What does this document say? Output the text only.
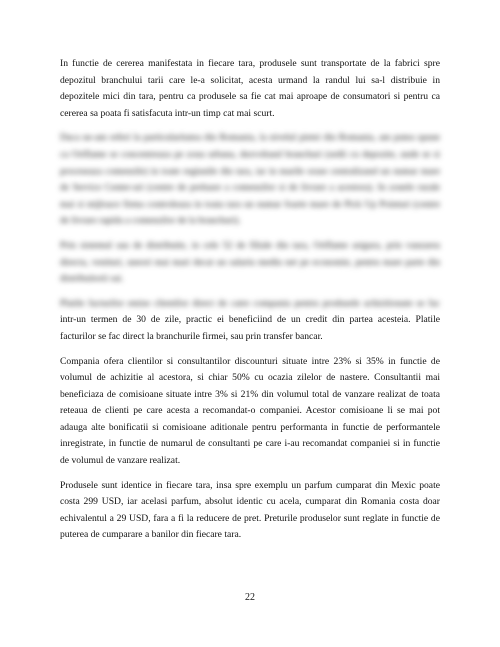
In functie de cererea manifestata in fiecare tara, produsele sunt transportate de la fabrici spre depozitul branchului tarii care le-a solicitat, acesta urmand la randul lui sa-l distribuie in depozitele mici din tara, pentru ca produsele sa fie cat mai aproape de consumatori si pentru ca cererea sa poata fi satisfacuta intr-un timp cat mai scurt.

Daca ne-am referi la particularitatea din Romania, la nivelul pietei din Romania, am putea spune ca Oriflame se concentreaza pe zona urbana, dezvoltand branchuri (sedii cu depozite, unde se si proceseaza comenzile) in toate regiunile din tara, iar in marile orase centralizand un numar mare de Service Center-uri (centre de preluare a comenzilor si de livrare a acestora). In zonele rurale mai si mijloace firma controleaza in toata tara un numar foarte mare de Pick Up Pointuri (centre de livrare rapida a comenzilor de la branchuri).

Prin sistemul sau de distributie, in cele 52 de filiale din tara, Oriflame asigura, prin vanzarea directa, venituri, uneori mai mari decat un salariu mediu net pe economie, pentru mare parte din distribuitorii sai.

Platile facturilor emise clientilor direct de catre compania pentru produsele achizitionate se fac intr-un termen de 30 de zile, practic ei beneficiind de un credit din partea acesteia. Platile facturilor se fac direct la branchurile firmei, sau prin transfer bancar.

Compania ofera clientilor si consultantilor discounturi situate intre 23% si 35% in functie de volumul de achizitie al acestora, si chiar 50% cu ocazia zilelor de nastere. Consultantii mai beneficiaza de comisioane situate intre 3% si 21% din volumul total de vanzare realizat de toata reteaua de clienti pe care acesta a recomandat-o companiei. Acestor comisioane li se mai pot adauga alte bonificatii si comisioane aditionale pentru performanta in functie de performantele inregistrate, in functie de numarul de consultanti pe care i-au recomandat companiei si in functie de volumul de vanzare realizat.

Produsele sunt identice in fiecare tara, insa spre exemplu un parfum cumparat din Mexic poate costa 299 USD, iar acelasi parfum, absolut identic cu acela, cumparat din Romania costa doar echivalentul a 29 USD, fara a fi la reducere de pret. Preturile produselor sunt reglate in functie de puterea de cumparare a banilor din fiecare tara.

22
